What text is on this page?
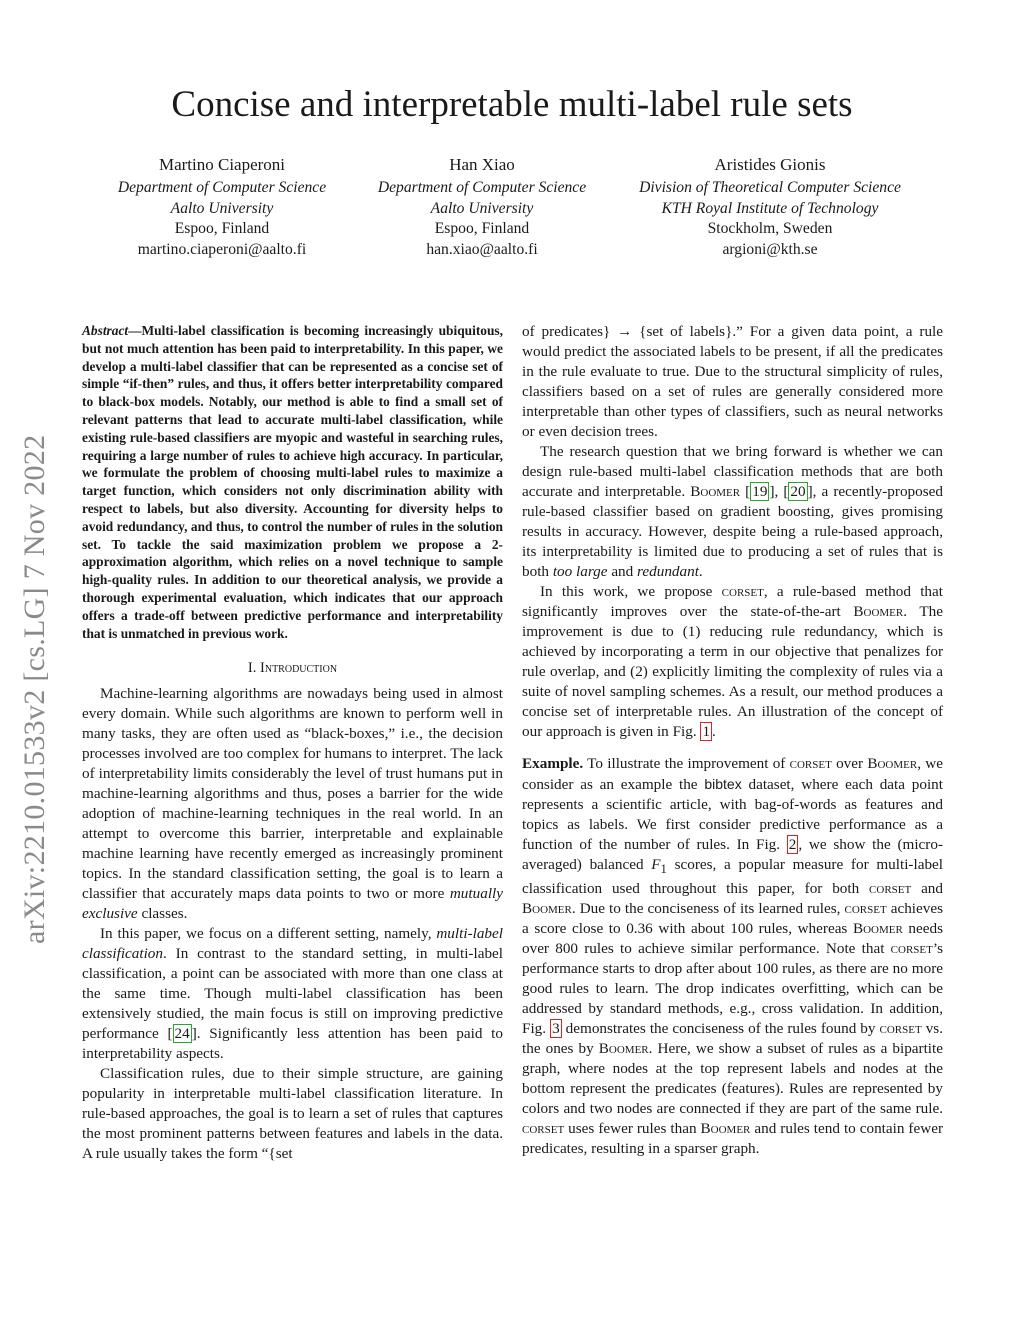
Concise and interpretable multi-label rule sets
Martino Ciaperoni
Department of Computer Science
Aalto University
Espoo, Finland
martino.ciaperoni@aalto.fi
Han Xiao
Department of Computer Science
Aalto University
Espoo, Finland
han.xiao@aalto.fi
Aristides Gionis
Division of Theoretical Computer Science
KTH Royal Institute of Technology
Stockholm, Sweden
argioni@kth.se
arXiv:2210.01533v2 [cs.LG] 7 Nov 2022
Abstract—Multi-label classification is becoming increasingly ubiquitous, but not much attention has been paid to interpretability. In this paper, we develop a multi-label classifier that can be represented as a concise set of simple “if-then” rules, and thus, it offers better interpretability compared to black-box models. Notably, our method is able to find a small set of relevant patterns that lead to accurate multi-label classification, while existing rule-based classifiers are myopic and wasteful in searching rules, requiring a large number of rules to achieve high accuracy. In particular, we formulate the problem of choosing multi-label rules to maximize a target function, which considers not only discrimination ability with respect to labels, but also diversity. Accounting for diversity helps to avoid redundancy, and thus, to control the number of rules in the solution set. To tackle the said maximization problem we propose a 2-approximation algorithm, which relies on a novel technique to sample high-quality rules. In addition to our theoretical analysis, we provide a thorough experimental evaluation, which indicates that our approach offers a trade-off between predictive performance and interpretability that is unmatched in previous work.
I. Introduction

Machine-learning algorithms are nowadays being used in almost every domain. While such algorithms are known to perform well in many tasks, they are often used as “black-boxes,” i.e., the decision processes involved are too complex for humans to interpret. The lack of interpretability limits considerably the level of trust humans put in machine-learning algorithms and thus, poses a barrier for the wide adoption of machine-learning techniques in the real world. In an attempt to overcome this barrier, interpretable and explainable machine learning have recently emerged as increasingly prominent topics. In the standard classification setting, the goal is to learn a classifier that accurately maps data points to two or more mutually exclusive classes.

In this paper, we focus on a different setting, namely, multi-label classification. In contrast to the standard setting, in multi-label classification, a point can be associated with more than one class at the same time. Though multi-label classification has been extensively studied, the main focus is still on improving predictive performance [ 24 ]. Significantly less attention has been paid to interpretability aspects.

Classification rules, due to their simple structure, are gaining popularity in interpretable multi-label classification literature. In rule-based approaches, the goal is to learn a set of rules that captures the most prominent patterns between features and labels in the data. A rule usually takes the form “{set

of predicates} → {set of labels}.” For a given data point, a rule would predict the associated labels to be present, if all the predicates in the rule evaluate to true. Due to the structural simplicity of rules, classifiers based on a set of rules are generally considered more interpretable than other types of classifiers, such as neural networks or even decision trees.

The research question that we bring forward is whether we can design rule-based multi-label classification methods that are both accurate and interpretable. Boomer [ 19 ], [ 20 ], a recently-proposed rule-based classifier based on gradient boosting, gives promising results in accuracy. However, despite being a rule-based approach, its interpretability is limited due to producing a set of rules that is both too large and redundant.

In this work, we propose corset, a rule-based method that significantly improves over the state-of-the-art Boomer. The improvement is due to (1) reducing rule redundancy, which is achieved by incorporating a term in our objective that penalizes for rule overlap, and (2) explicitly limiting the complexity of rules via a suite of novel sampling schemes. As a result, our method produces a concise set of interpretable rules. An illustration of the concept of our approach is given in Fig. 1 .

Example. To illustrate the improvement of corset over Boomer, we consider as an example the bibtex dataset, where each data point represents a scientific article, with bag-of-words as features and topics as labels. We first consider predictive performance as a function of the number of rules. In Fig. 2 , we show the (micro-averaged) balanced $F_1$ scores, a popular measure for multi-label classification used throughout this paper, for both corset and Boomer. Due to the conciseness of its learned rules, corset achieves a score close to 0.36 with about 100 rules, whereas Boomer needs over 800 rules to achieve similar performance. Note that corset’s performance starts to drop after about 100 rules, as there are no more good rules to learn. The drop indicates overfitting, which can be addressed by standard methods, e.g., cross validation. In addition, Fig. 3 demonstrates the conciseness of the rules found by corset vs. the ones by Boomer. Here, we show a subset of rules as a bipartite graph, where nodes at the top represent labels and nodes at the bottom represent the predicates (features). Rules are represented by colors and two nodes are connected if they are part of the same rule. corset uses fewer rules than Boomer and rules tend to contain fewer predicates, resulting in a sparser graph.
